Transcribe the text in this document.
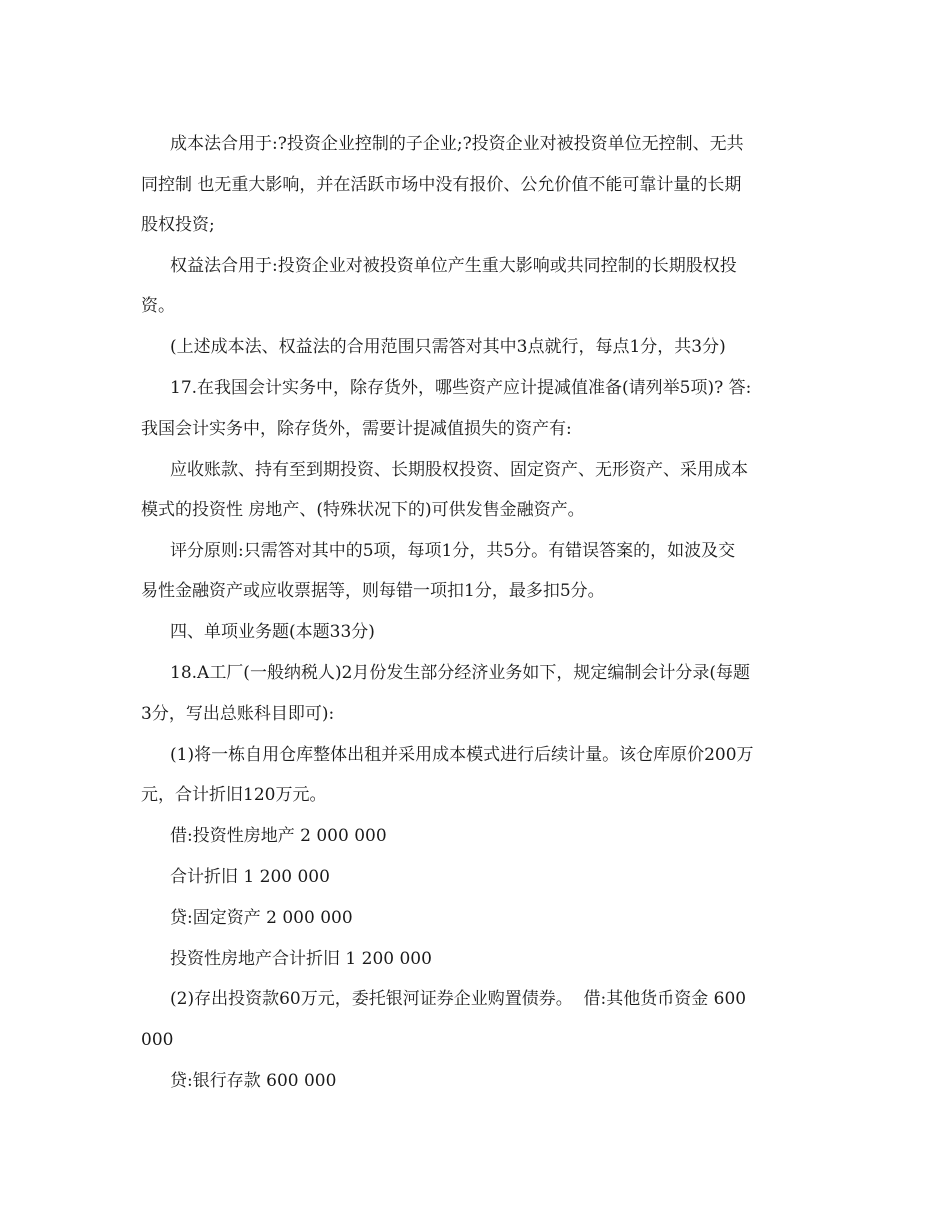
成本法合用于:?投资企业控制的子企业;?投资企业对被投资单位无控制、无共
同控制 也无重大影响，并在活跃市场中没有报价、公允价值不能可靠计量的长期
股权投资;
权益法合用于:投资企业对被投资单位产生重大影响或共同控制的长期股权投
资。
(上述成本法、权益法的合用范围只需答对其中3点就行，每点1分，共3分)
17.在我国会计实务中，除存货外，哪些资产应计提减值准备(请列举5项)? 答:
我国会计实务中，除存货外，需要计提减值损失的资产有:
应收账款、持有至到期投资、长期股权投资、固定资产、无形资产、采用成本
模式的投资性 房地产、(特殊状况下的)可供发售金融资产。
评分原则:只需答对其中的5项，每项1分，共5分。有错误答案的，如波及交
易性金融资产或应收票据等，则每错一项扣1分，最多扣5分。
四、单项业务题(本题33分)
18.A工厂(一般纳税人)2月份发生部分经济业务如下，规定编制会计分录(每题
3分，写出总账科目即可):
(1)将一栋自用仓库整体出租并采用成本模式进行后续计量。该仓库原价200万
元，合计折旧120万元。
借:投资性房地产 2 000 000
合计折旧 1 200 000
贷:固定资产 2 000 000
投资性房地产合计折旧 1 200 000
(2)存出投资款60万元，委托银河证券企业购置债券。  借:其他货币资金 600
000
贷:银行存款 600 000
